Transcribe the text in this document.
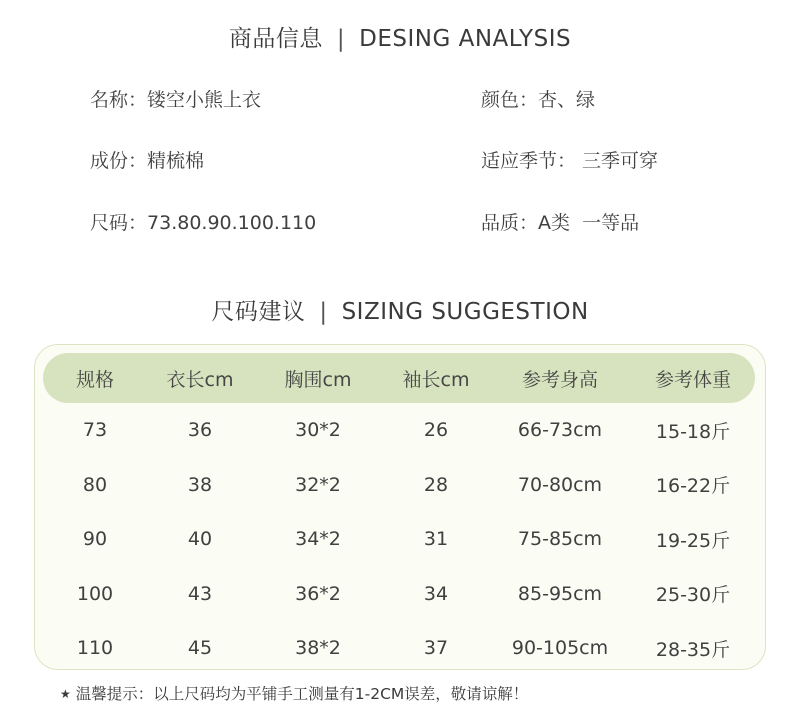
商品信息 | DESING ANALYSIS
名称：镂空小熊上衣	颜色：杏、绿
成份：精梳棉	适应季节： 三季可穿
尺码：73.80.90.100.110	品质：A类  一等品
尺码建议 | SIZING SUGGESTION
规格	衣长cm	胸围cm	袖长cm	参考身高	参考体重
73	36	30*2	26	66-73cm	15-18斤
80	38	32*2	28	70-80cm	16-22斤
90	40	34*2	31	75-85cm	19-25斤
100	43	36*2	34	85-95cm	25-30斤
110	45	38*2	37	90-105cm	28-35斤
★ 温馨提示：以上尺码均为平铺手工测量有1-2CM误差，敬请谅解！
